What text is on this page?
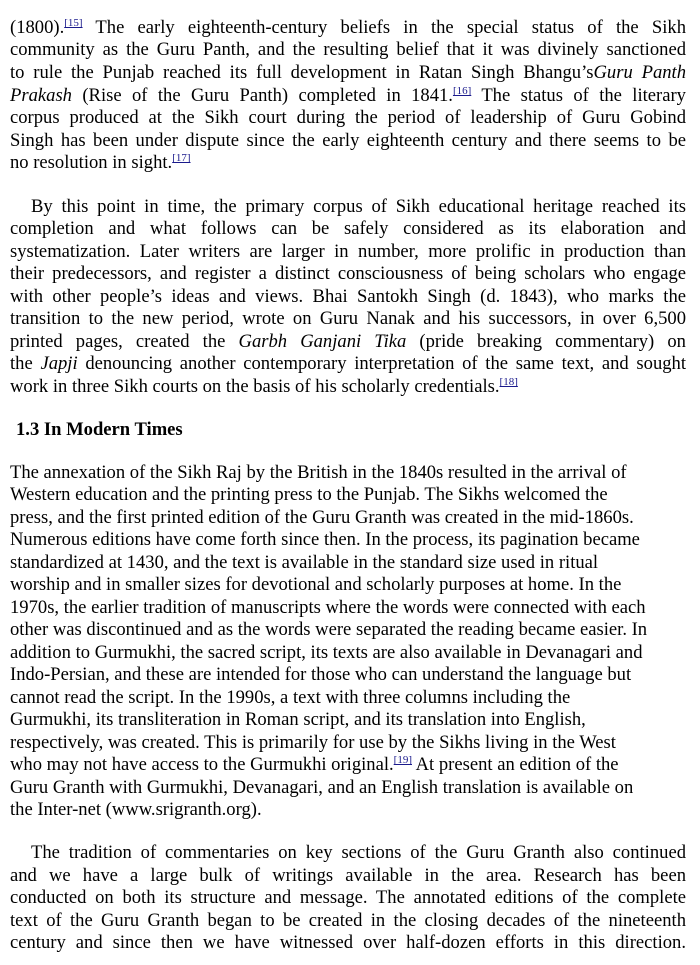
(1800).[15] The early eighteenth-century beliefs in the special status of the Sikh
community as the Guru Panth, and the resulting belief that it was divinely sanctioned
to rule the Punjab reached its full development in Ratan Singh Bhangu’sGuru Panth
Prakash (Rise of the Guru Panth) completed in 1841.[16] The status of the literary
corpus produced at the Sikh court during the period of leadership of Guru Gobind
Singh has been under dispute since the early eighteenth century and there seems to be
no resolution in sight.[17]
By this point in time, the primary corpus of Sikh educational heritage reached its
completion and what follows can be safely considered as its elaboration and
systematization. Later writers are larger in number, more prolific in production than
their predecessors, and register a distinct consciousness of being scholars who engage
with other people’s ideas and views. Bhai Santokh Singh (d. 1843), who marks the
transition to the new period, wrote on Guru Nanak and his successors, in over 6,500
printed pages, created the Garbh Ganjani Tika (pride breaking commentary) on
the Japji denouncing another contemporary interpretation of the same text, and sought
work in three Sikh courts on the basis of his scholarly credentials.[18]
1.3 In Modern Times
The annexation of the Sikh Raj by the British in the 1840s resulted in the arrival of
Western education and the printing press to the Punjab. The Sikhs welcomed the
press, and the first printed edition of the Guru Granth was created in the mid-1860s.
Numerous editions have come forth since then. In the process, its pagination became
standardized at 1430, and the text is available in the standard size used in ritual
worship and in smaller sizes for devotional and scholarly purposes at home. In the
1970s, the earlier tradition of manuscripts where the words were connected with each
other was discontinued and as the words were separated the reading became easier. In
addition to Gurmukhi, the sacred script, its texts are also available in Devanagari and
Indo-Persian, and these are intended for those who can understand the language but
cannot read the script. In the 1990s, a text with three columns including the
Gurmukhi, its transliteration in Roman script, and its translation into English,
respectively, was created. This is primarily for use by the Sikhs living in the West
who may not have access to the Gurmukhi original.[19] At present an edition of the
Guru Granth with Gurmukhi, Devanagari, and an English translation is available on
the Inter-net (www.srigranth.org).
The tradition of commentaries on key sections of the Guru Granth also continued
and we have a large bulk of writings available in the area. Research has been
conducted on both its structure and message. The annotated editions of the complete
text of the Guru Granth began to be created in the closing decades of the nineteenth
century and since then we have witnessed over half-dozen efforts in this direction.
